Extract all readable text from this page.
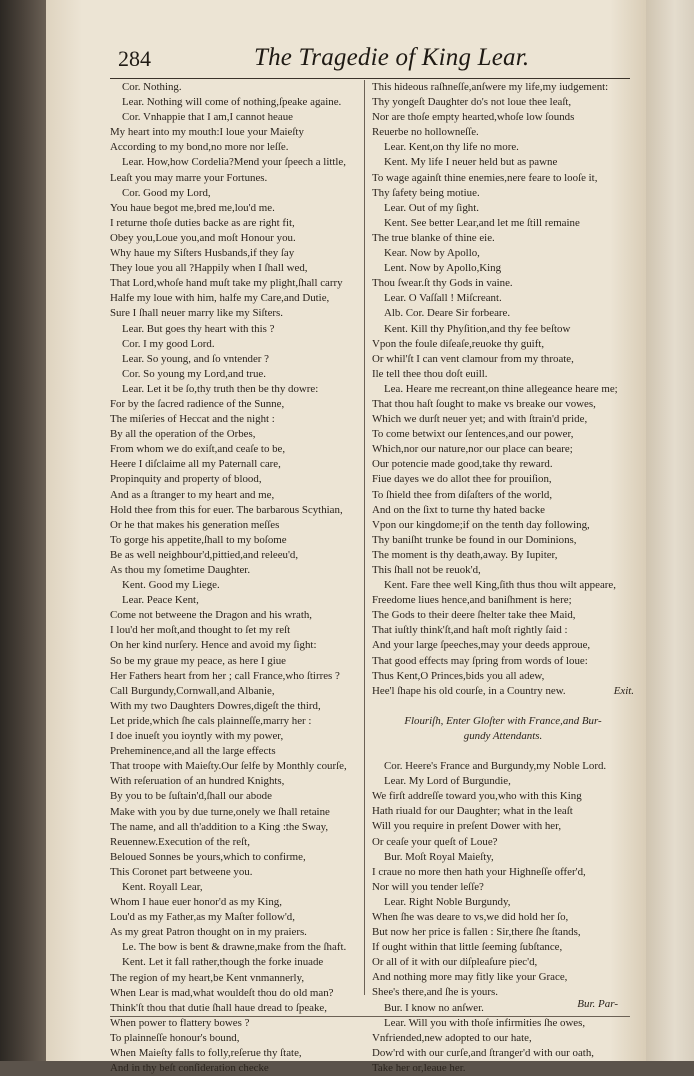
284	The Tragedie of King Lear.
Cor. Nothing.
Lear. Nothing will come of nothing,ſpeake againe.
Cor. Vnhappie that I am,I cannot heaue
My heart into my mouth:I loue your Maieſty
According to my bond,no more nor leſſe.
Lear. How,how Cordelia?Mend your ſpeech a little,
Leaſt you may marre your Fortunes.
Cor. Good my Lord,
You haue begot me,bred me,lou'd me.
I returne thoſe duties backe as are right fit,
Obey you,Loue you,and moſt Honour you.
Why haue my Siſters Husbands,if they ſay
They loue you all ?Happily when I ſhall wed,
That Lord,whoſe hand muſt take my plight,ſhall carry
Halfe my loue with him, halfe my Care,and Dutie,
Sure I ſhall neuer marry like my Siſters.
Lear. But goes thy heart with this ?
Cor. I my good Lord.
Lear. So young, and ſo vntender ?
Cor. So young my Lord,and true.
Lear. Let it be ſo,thy truth then be thy dowre:
For by the ſacred radience of the Sunne,
The miſeries of Heccat and the night :
By all the operation of the Orbes,
From whom we do exiſt,and ceaſe to be,
Heere I diſclaime all my Paternall care,
Propinquity and property of blood,
And as a ſtranger to my heart and me,
Hold thee from this for euer. The barbarous Scythian,
Or he that makes his generation meſſes
To gorge his appetite,ſhall to my boſome
Be as well neighbour'd,pittied,and releeu'd,
As thou my ſometime Daughter.
Kent. Good my Liege.
Lear. Peace Kent,
Come not betweene the Dragon and his wrath,
I lou'd her moſt,and thought to ſet my reſt
On her kind nurſery. Hence and avoid my ſight:
So be my graue my peace, as here I giue
Her Fathers heart from her ; call France,who ſtirres ?
Call Burgundy,Cornwall,and Albanie,
With my two Daughters Dowres,digeſt the third,
Let pride,which ſhe cals plainneſſe,marry her :
I doe inueſt you ioyntly with my power,
Preheminence,and all the large effects
That troope with Maieſty.Our ſelfe by Monthly courſe,
With reſeruation of an hundred Knights,
By you to be ſuſtain'd,ſhall our abode
Make with you by due turne,onely we ſhall retaine
The name, and all th'addition to a King :the Sway,
Reuennew.Execution of the reſt,
Beloued Sonnes be yours,which to confirme,
This Coronet part betweene you.
Kent. Royall Lear,
Whom I haue euer honor'd as my King,
Lou'd as my Father,as my Maſter follow'd,
As my great Patron thought on in my praiers.
Le. The bow is bent & drawne,make from the ſhaft.
Kent. Let it fall rather,though the forke inuade
The region of my heart,be Kent vnmannerly,
When Lear is mad,what wouldeſt thou do old man?
Think'ſt thou that dutie ſhall haue dread to ſpeake,
When power to flattery bowes ?
To plainneſſe honour's bound,
When Maieſty falls to folly,reſerue thy ſtate,
And in thy beſt conſideration checke
This hideous raſhneſſe,anſwere my life,my iudgement:
Thy yongeſt Daughter do's not loue thee leaſt,
Nor are thoſe empty hearted,whoſe low ſounds
Reuerbe no hollowneſſe.
Lear. Kent,on thy life no more.
Kent. My life I neuer held but as pawne
To wage againſt thine enemies,nere feare to looſe it,
Thy ſafety being motiue.
Lear. Out of my ſight.
Kent. See better Lear,and let me ſtill remaine
The true blanke of thine eie.
Kear. Now by Apollo,
Lent. Now by Apollo,King
Thou ſwear.ſt thy Gods in vaine.
Lear. O Vaſſall ! Miſcreant.
Alb. Cor. Deare Sir forbeare.
Kent. Kill thy Phyſition,and thy fee beſtow
Vpon the foule diſeaſe,reuoke thy guift,
Or whil'ſt I can vent clamour from my throate,
Ile tell thee thou doſt euill.
Lea. Heare me recreant,on thine allegeance heare me;
That thou haſt ſought to make vs breake our vowes,
Which we durſt neuer yet; and with ſtrain'd pride,
To come betwixt our ſentences,and our power,
Which,nor our nature,nor our place can beare;
Our potencie made good,take thy reward.
Fiue dayes we do allot thee for prouiſion,
To ſhield thee from diſaſters of the world,
And on the ſixt to turne thy hated backe
Vpon our kingdome;if on the tenth day following,
Thy baniſht trunke be found in our Dominions,
The moment is thy death,away. By Iupiter,
This ſhall not be reuok'd,
Kent. Fare thee well King,ſith thus thou wilt appeare,
Freedome liues hence,and baniſhment is here;
The Gods to their deere ſhelter take thee Maid,
That iuſtly think'ſt,and haſt moſt rightly ſaid :
And your large ſpeeches,may your deeds approue,
That good effects may ſpring from words of loue:
Thus Kent,O Princes,bids you all adew,
Hee'l ſhape his old courſe, in a Country new.	Exit.
Flouriſh, Enter Gloſter with France,and Bur-
gundy Attendants.
Cor. Heere's France and Burgundy,my Noble Lord.
Lear. My Lord of Burgundie,
We firſt addreſſe toward you,who with this King
Hath riuald for our Daughter; what in the leaſt
Will you require in preſent Dower with her,
Or ceaſe your queſt of Loue?
Bur. Moſt Royal Maieſty,
I craue no more then hath your Highneſſe offer'd,
Nor will you tender leſſe?
Lear. Right Noble Burgundy,
When ſhe was deare to vs,we did hold her ſo,
But now her price is fallen : Sir,there ſhe ſtands,
If ought within that little ſeeming ſubſtance,
Or all of it with our diſpleaſure piec'd,
And nothing more may fitly like your Grace,
Shee's there,and ſhe is yours.
Bur. I know no anſwer.
Lear. Will you with thoſe infirmities ſhe owes,
Vnfriended,new adopted to our hate,
Dow'rd with our curſe,and ſtranger'd with our oath,
Take her or,leaue her.
Bur. Par-
